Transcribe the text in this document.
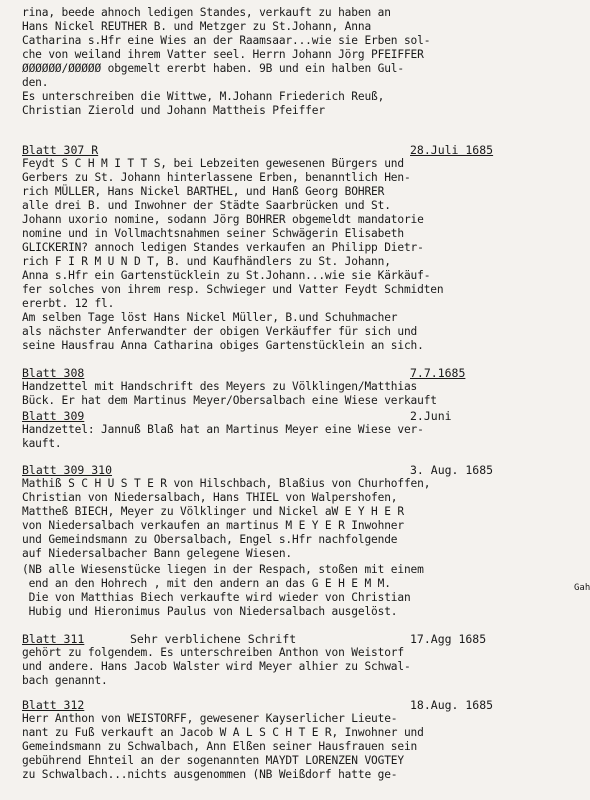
rina, beede ahnoch ledigen Standes, verkauft zu haben an
Hans Nickel REUTHER B. und Metzger zu St.Johann, Anna
Catharina s.Hfr eine Wies an der Raamsaar...wie sie Erben sol-
che von weiland ihrem Vatter seel. Herrn Johann Jörg PFEIFFER
ØØØØØØ/ØØØØØ obgemelt ererbt haben. 9B und ein halben Gul-
den.
Es unterschreiben die Wittwe, M.Johann Friederich Reuß,
Christian Zierold und Johann Mattheis Pfeiffer
Blatt 307 R	28.Juli 1685
Feydt S C H M I T T S, bei Lebzeiten gewesenen Bürgers und
Gerbers zu St. Johann hinterlassene Erben, benanntlich Hen-
rich MÜLLER, Hans Nickel BARTHEL, und Hanß Georg BOHRER
alle drei B. und Inwohner der Städte Saarbrücken und St.
Johann uxorio nomine, sodann Jörg BOHRER obgemeldt mandatorie
nomine und in Vollmachtsnahmen seiner Schwägerin Elisabeth
GLICKERIN? annoch ledigen Standes verkaufen an Philipp Dietr-
rich F I R M U N D T, B. und Kaufhändlers zu St. Johann,
Anna s.Hfr ein Gartenstücklein zu St.Johann...wie sie Kärkäuf-
fer solches von ihrem resp. Schwieger und Vatter Feydt Schmidten
ererbt. 12 fl.
Am selben Tage löst Hans Nickel Müller, B.und Schuhmacher
als nächster Anferwandter der obigen Verkäuffer für sich und
seine Hausfrau Anna Catharina obiges Gartenstücklein an sich.
Blatt 308	7.7.1685
Handzettel mit Handschrift des Meyers zu Völklingen/Matthias
Bück. Er hat dem Martinus Meyer/Obersalbach eine Wiese verkauft
Blatt 309	2.Juni
Handzettel: Jannuß Blaß hat an Martinus Meyer eine Wiese ver-
kauft.
Blatt 309 310	3. Aug. 1685
Mathiß S C H U S T E R von Hilschbach, Blaßius von Churhoffen,
Christian von Niedersalbach, Hans THIEL von Walpershofen,
Mattheß BIECH, Meyer zu Völklinger und Nickel aW E Y H E R
von Niedersalbach verkaufen an martinus M E Y E R Inwohner
und Gemeindsmann zu Obersalbach, Engel s.Hfr nachfolgende
auf Niedersalbacher Bann gelegene Wiesen.
(NB alle Wiesenstücke liegen in der Respach, stoßen mit einem
end an den Hohrech , mit den andern an das G E H E M M.
Die von Matthias Biech verkaufte wird wieder von Christian
Hubig und Hieronimus Paulus von Niedersalbach ausgelöst.
Gah
Blatt 311	Sehr verblichene Schrift	17.Agg 1685
gehört zu folgendem. Es unterschreiben Anthon von Weistorf
und andere. Hans Jacob Walster wird Meyer alhier zu Schwal-
bach genannt.
Blatt 312	18.Aug. 1685
Herr Anthon von WEISTORFF, gewesener Kayserlicher Lieute-
nant zu Fuß verkauft an Jacob W A L S C H T E R, Inwohner und
Gemeindsmann zu Schwalbach, Ann Elßen seiner Hausfrauen sein
gebührend Ehnteil an der sogenannten MAYDT LORENZEN VOGTEY
zu Schwalbach...nichts ausgenommen (NB Weißdorf hatte ge-
